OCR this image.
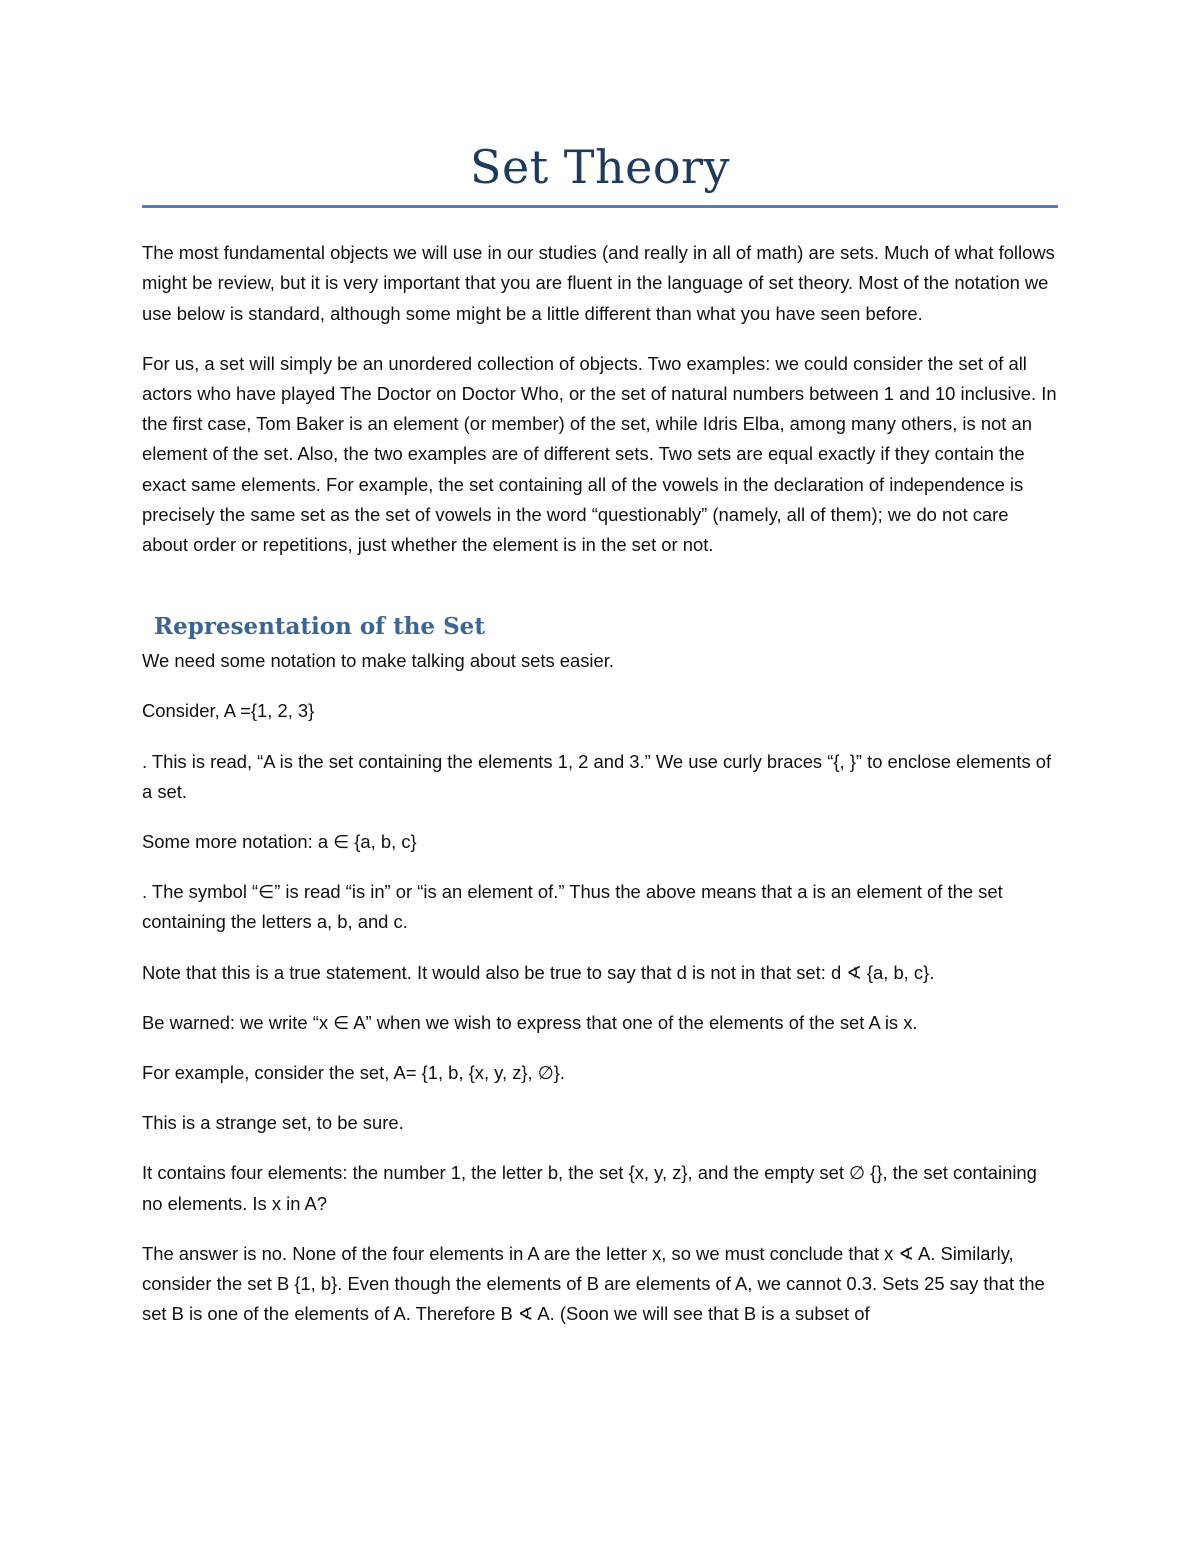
Set Theory

The most fundamental objects we will use in our studies (and really in all of math) are sets. Much of what follows might be review, but it is very important that you are fluent in the language of set theory. Most of the notation we use below is standard, although some might be a little different than what you have seen before.

For us, a set will simply be an unordered collection of objects. Two examples: we could consider the set of all actors who have played The Doctor on Doctor Who, or the set of natural numbers between 1 and 10 inclusive. In the first case, Tom Baker is an element (or member) of the set, while Idris Elba, among many others, is not an element of the set. Also, the two examples are of different sets. Two sets are equal exactly if they contain the exact same elements. For example, the set containing all of the vowels in the declaration of independence is precisely the same set as the set of vowels in the word “questionably” (namely, all of them); we do not care about order or repetitions, just whether the element is in the set or not.

Representation of the Set

We need some notation to make talking about sets easier.

Consider, A ={1, 2, 3}

. This is read, “A is the set containing the elements 1, 2 and 3.” We use curly braces “{, }” to enclose elements of a set.

Some more notation: a ∈ {a, b, c}

. The symbol “∈” is read “is in” or “is an element of.” Thus the above means that a is an element of the set containing the letters a, b, and c.

Note that this is a true statement. It would also be true to say that d is not in that set: d ∢ {a, b, c}.

Be warned: we write “x ∈ A” when we wish to express that one of the elements of the set A is x.

For example, consider the set, A= {1, b, {x, y, z}, ∅}.

This is a strange set, to be sure.

It contains four elements: the number 1, the letter b, the set {x, y, z}, and the empty set ∅ {}, the set containing no elements. Is x in A?

The answer is no. None of the four elements in A are the letter x, so we must conclude that x ∢ A. Similarly, consider the set B {1, b}. Even though the elements of B are elements of A, we cannot 0.3. Sets 25 say that the set B is one of the elements of A. Therefore B ∢ A. (Soon we will see that B is a subset of
